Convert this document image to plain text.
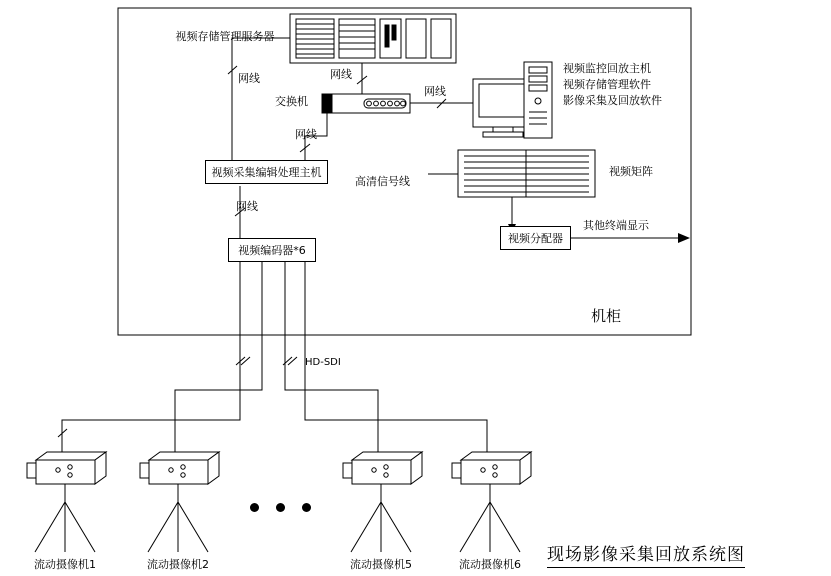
视频存储管理服务器
交换机
视频监控回放主机
视频存储管理软件
影像采集及回放软件
视频采集编辑处理主机	视频矩阵
视频分配器
其他终端显示
视频编码器*6
网线	网线
网线
网线
网线
高清信号线
HD-SDI
机柜
流动摄像机1	流动摄像机2	流动摄像机5	流动摄像机6 现场影像采集回放系统图
